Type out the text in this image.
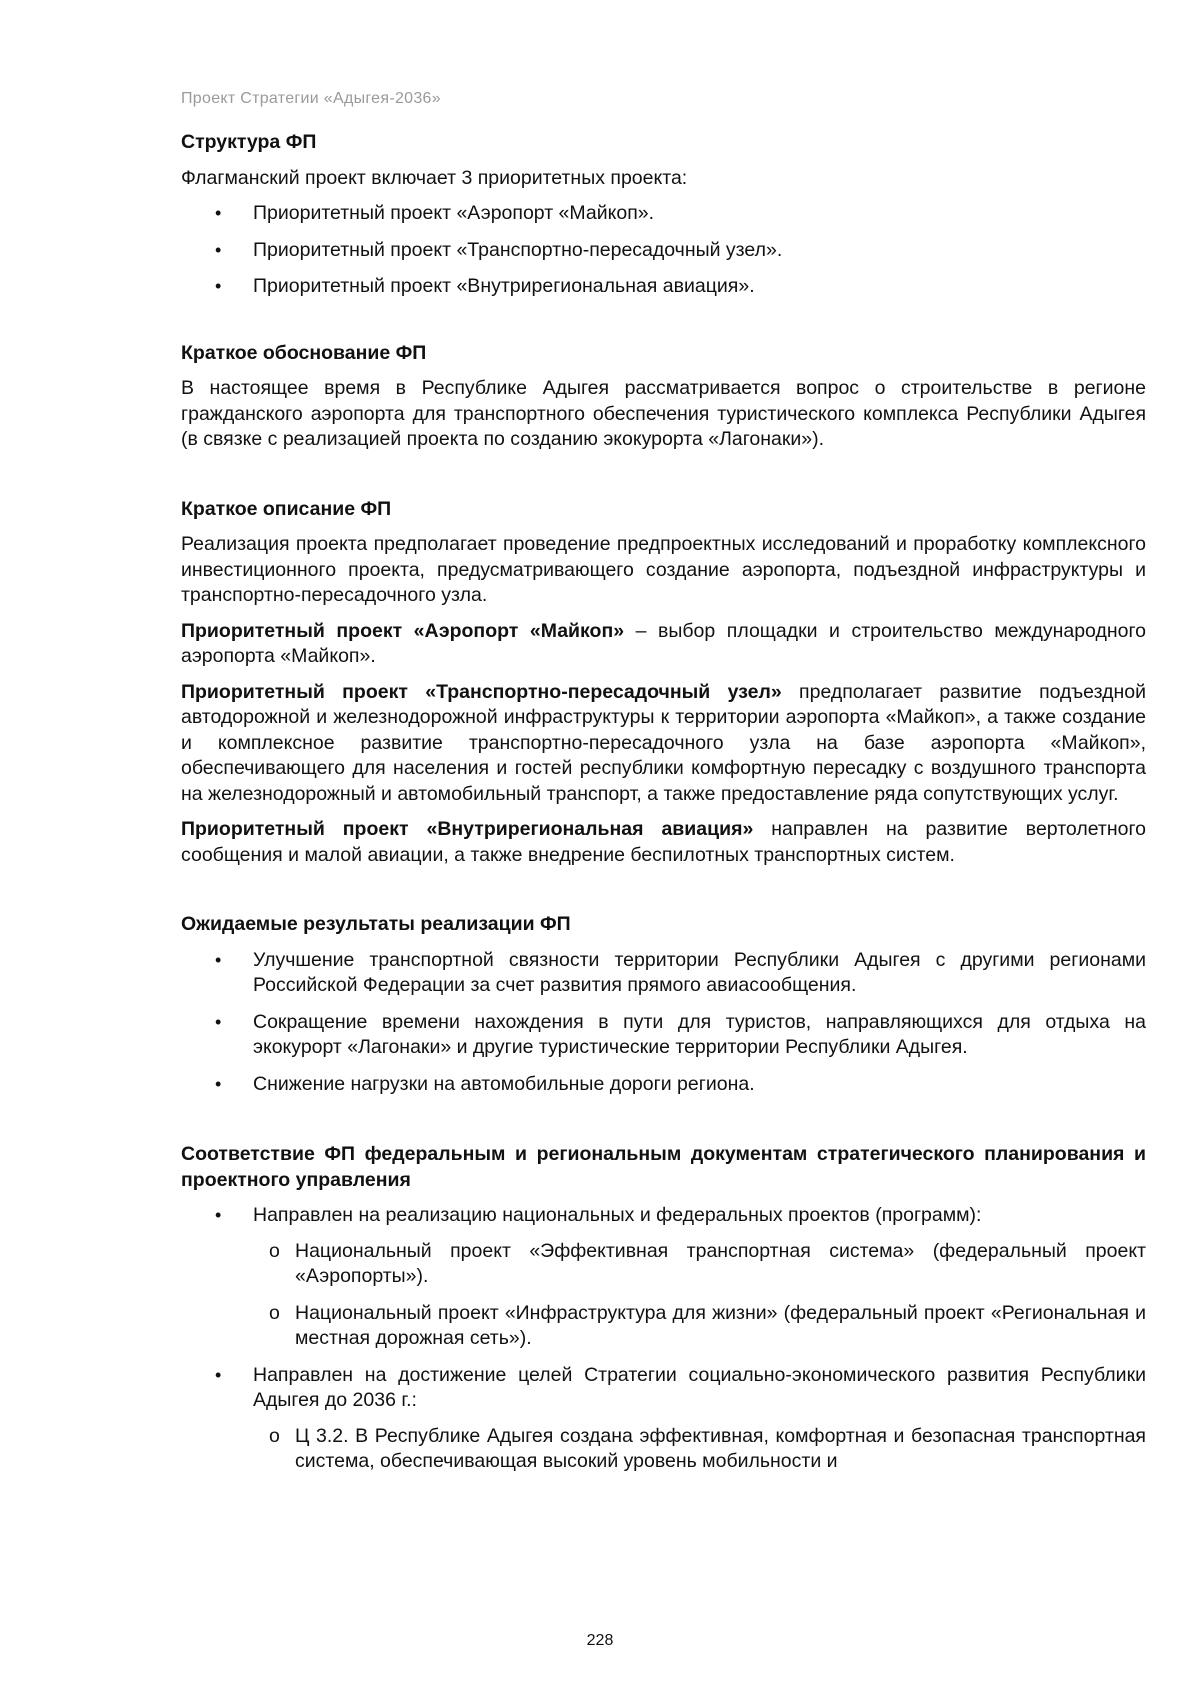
Проект Стратегии «Адыгея-2036»
Структура ФП

Флагманский проект включает 3 приоритетных проекта:

• Приоритетный проект «Аэропорт «Майкоп».
• Приоритетный проект «Транспортно-пересадочный узел».
• Приоритетный проект «Внутрирегиональная авиация».
Краткое обоснование ФП

В настоящее время в Республике Адыгея рассматривается вопрос о строительстве в регионе гражданского аэропорта для транспортного обеспечения туристического комплекса Республики Адыгея (в связке с реализацией проекта по созданию экокурорта «Лагонаки»).

Краткое описание ФП

Реализация проекта предполагает проведение предпроектных исследований и проработку комплексного инвестиционного проекта, предусматривающего создание аэропорта, подъездной инфраструктуры и транспортно-пересадочного узла.

Приоритетный проект «Аэропорт «Майкоп» – выбор площадки и строительство международного аэропорта «Майкоп».

Приоритетный проект «Транспортно-пересадочный узел» предполагает развитие подъездной автодорожной и железнодорожной инфраструктуры к территории аэропорта «Майкоп», а также создание и комплексное развитие транспортно-пересадочного узла на базе аэропорта «Майкоп», обеспечивающего для населения и гостей республики комфортную пересадку с воздушного транспорта на железнодорожный и автомобильный транспорт, а также предоставление ряда сопутствующих услуг.

Приоритетный проект «Внутрирегиональная авиация» направлен на развитие вертолетного сообщения и малой авиации, а также внедрение беспилотных транспортных систем.

Ожидаемые результаты реализации ФП
• Улучшение транспортной связности территории Республики Адыгея с другими регионами Российской Федерации за счет развития прямого авиасообщения.
• Сокращение времени нахождения в пути для туристов, направляющихся для отдыха на экокурорт «Лагонаки» и другие туристические территории Республики Адыгея.
• Снижение нагрузки на автомобильные дороги региона.
Соответствие ФП федеральным и региональным документам стратегического планирования и проектного управления
• Направлен на реализацию национальных и федеральных проектов (программ):
o Национальный проект «Эффективная транспортная система» (федеральный проект «Аэропорты»).
o Национальный проект «Инфраструктура для жизни» (федеральный проект «Региональная и местная дорожная сеть»).
• Направлен на достижение целей Стратегии социально-экономического развития Республики Адыгея до 2036 г.:
o Ц 3.2. В Республике Адыгея создана эффективная, комфортная и безопасная транспортная система, обеспечивающая высокий уровень мобильности и
228
